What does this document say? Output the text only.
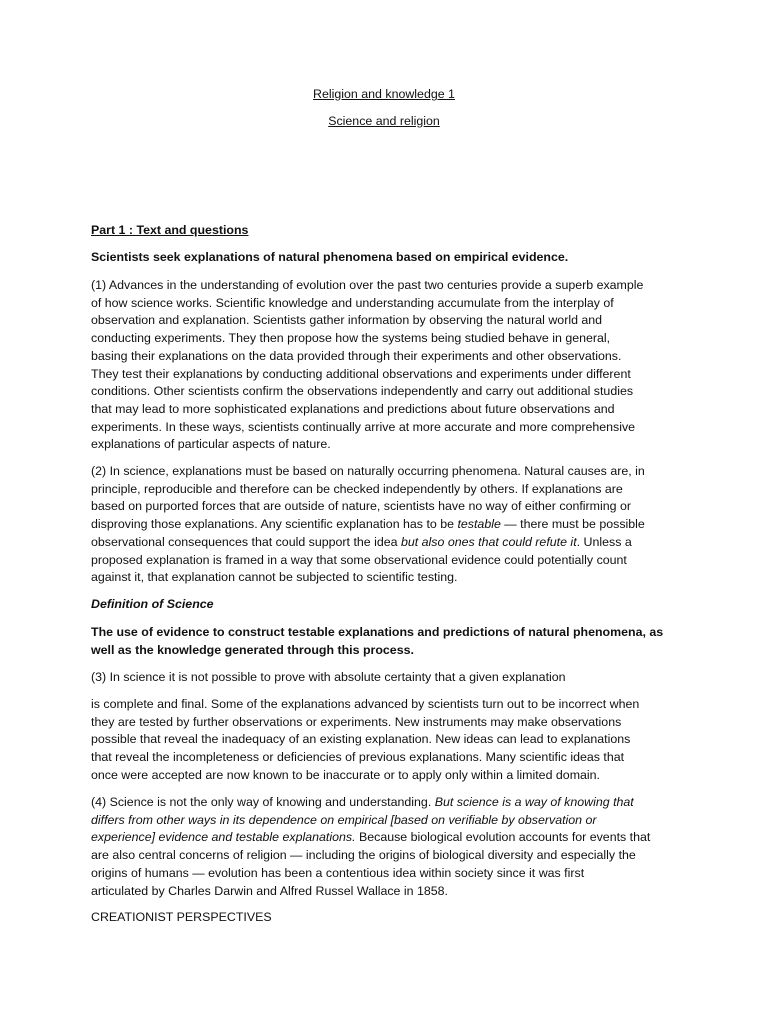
Religion and knowledge 1
Science and religion
Part 1 : Text and questions
Scientists seek explanations of natural phenomena based on empirical evidence.
(1) Advances in the understanding of evolution over the past two centuries provide a superb example
of how science works. Scientific knowledge and understanding accumulate from the interplay of
observation and explanation. Scientists gather information by observing the natural world and
conducting experiments. They then propose how the systems being studied behave in general,
basing their explanations on the data provided through their experiments and other observations.
They test their explanations by conducting additional observations and experiments under different
conditions. Other scientists confirm the observations independently and carry out additional studies
that may lead to more sophisticated explanations and predictions about future observations and
experiments. In these ways, scientists continually arrive at more accurate and more comprehensive
explanations of particular aspects of nature.
(2) In science, explanations must be based on naturally occurring phenomena. Natural causes are, in
principle, reproducible and therefore can be checked independently by others. If explanations are
based on purported forces that are outside of nature, scientists have no way of either confirming or
disproving those explanations. Any scientific explanation has to be testable — there must be possible
observational consequences that could support the idea but also ones that could refute it. Unless a
proposed explanation is framed in a way that some observational evidence could potentially count
against it, that explanation cannot be subjected to scientific testing.
Definition of Science
The use of evidence to construct testable explanations and predictions of natural phenomena, as
well as the knowledge generated through this process.
(3) In science it is not possible to prove with absolute certainty that a given explanation
is complete and final. Some of the explanations advanced by scientists turn out to be incorrect when
they are tested by further observations or experiments. New instruments may make observations
possible that reveal the inadequacy of an existing explanation. New ideas can lead to explanations
that reveal the incompleteness or deficiencies of previous explanations. Many scientific ideas that
once were accepted are now known to be inaccurate or to apply only within a limited domain.
(4) Science is not the only way of knowing and understanding. But science is a way of knowing that
differs from other ways in its dependence on empirical [based on verifiable by observation or
experience] evidence and testable explanations. Because biological evolution accounts for events that
are also central concerns of religion — including the origins of biological diversity and especially the
origins of humans — evolution has been a contentious idea within society since it was first
articulated by Charles Darwin and Alfred Russel Wallace in 1858.
CREATIONIST PERSPECTIVES
